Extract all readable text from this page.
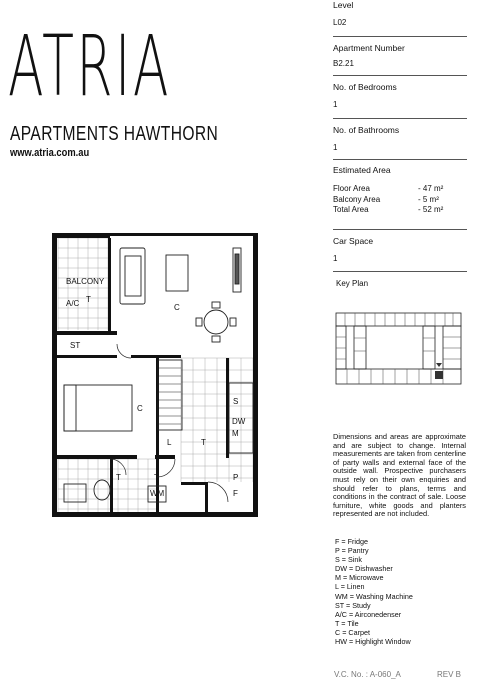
ATRIA
APARTMENTS HAWTHORN
www.atria.com.au
Level
L02
Apartment Number
B2.21
No. of Bedrooms
1
No. of Bathrooms
1
Estimated Area
Floor Area	- 47 m²
Balcony Area	- 5 m²
Total Area	- 52 m²
Car Space
1
Key Plan
Dimensions and areas are approximate and are subject to change. Internal measurements are taken from centerline of party walls and external face of the outside wall. Prospective purchasers must rely on their own enquiries and should refer to plans, terms and conditions in the contract of sale. Loose furniture, white goods and planters represented are not included.
F = Fridge
P = Pantry
S = Sink
DW = Dishwasher
M = Microwave
L = Linen
WM = Washing Machine
ST = Study
A/C = Airconedenser
T = Tile
C = Carpet
HW = Highlight Window
V.C. No. : A-060_A	REV B
BALCONY
A/C T
C
ST
C
L	T
S
DW
M
P
F
T	T
WM
